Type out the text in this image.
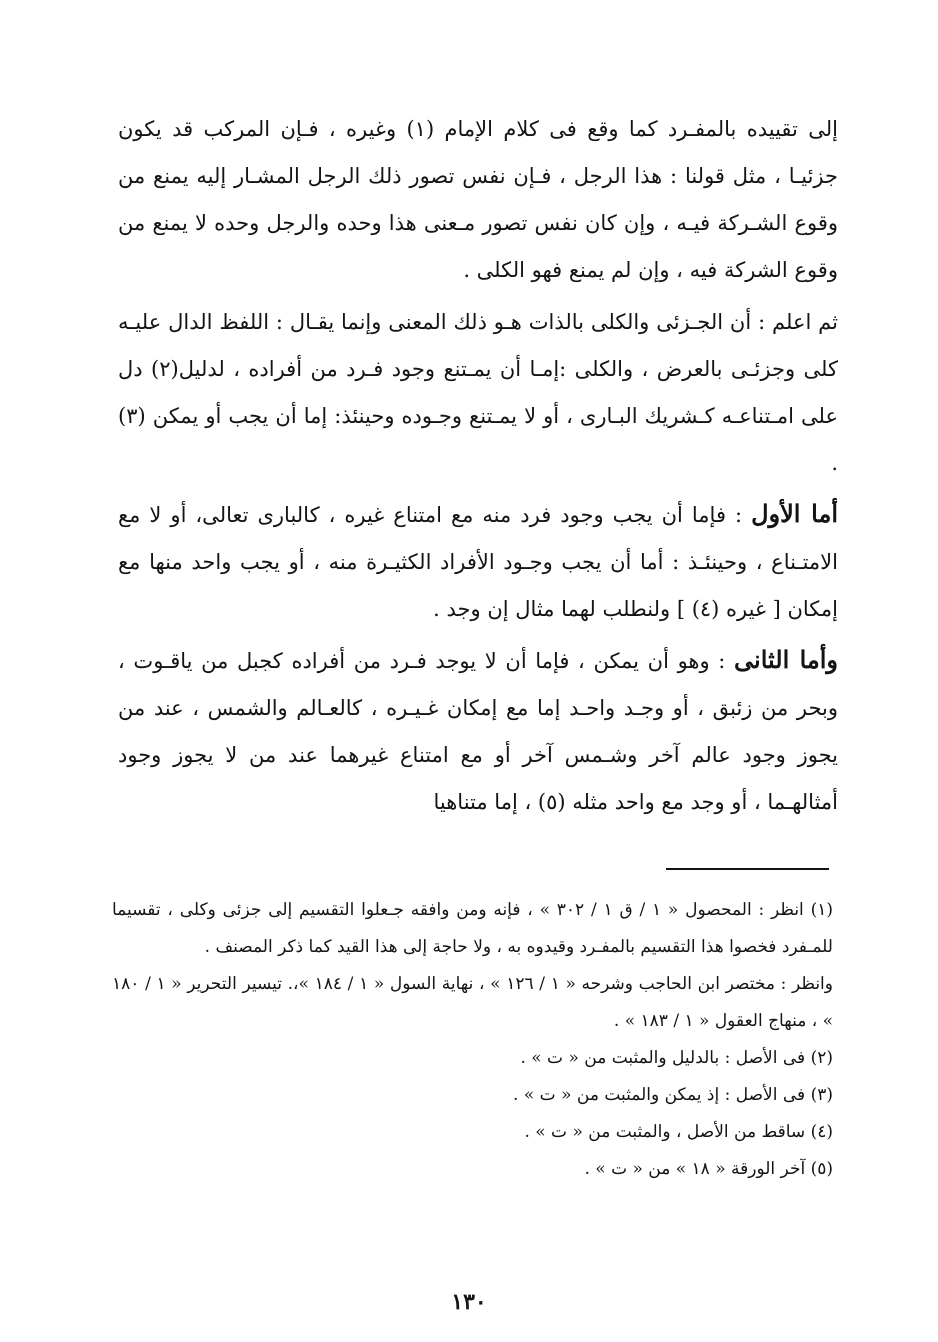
إلى تقييده بالمفـرد كما وقع فى كلام الإمام (١) وغيره ، فـإن المركب قد يكون جزئيـا ، مثل قولنا : هذا الرجل ، فـإن نفس تصور ذلك الرجل المشـار إليه يمنع من وقوع الشـركة فيـه ، وإن كان نفس تصور مـعنى هذا وحده والرجل وحده لا يمنع من وقوع الشركة فيه ، وإن لم يمنع فهو الكلى .

ثم اعلم : أن الجـزئى والكلى بالذات هـو ذلك المعنى وإنما يقـال : اللفظ الدال عليـه كلى وجزئـى بالعرض ، والكلى :إمـا أن يمـتنع وجود فـرد من أفراده ، لدليل(٢) دل على امـتناعـه كـشريك البـارى ، أو لا يمـتنع وجـوده وحينئذ: إما أن يجب أو يمكن (٣) .

أما الأول : فإما أن يجب وجود فرد منه مع امتناع غيره ، كالبارى تعالى، أو لا مع الامتـناع ، وحينئـذ : أما أن يجب وجـود الأفراد الكثيـرة منه ، أو يجب واحد منها مع إمكان [ غيره (٤) ] ولنطلب لهما مثال إن وجد .

وأما الثانى : وهو أن يمكن ، فإما أن لا يوجد فـرد من أفراده كجبل من ياقـوت ، وبحر من زئبق ، أو وجـد واحـد إما مع إمكان غـيـره ، كالعـالم والشمس ، عند من يجوز وجود عالم آخر وشـمس آخر أو مع امتناع غيرهما عند من لا يجوز وجود أمثالهـما ، أو وجد مع واحد مثله (٥) ، إما متناهيا

(١) انظر : المحصول « ١ / ق ١ / ٣٠٢ » ، فإنه ومن وافقه جـعلوا التقسيم إلى جزئى وكلى ، تقسيما للمـفرد فخصوا هذا التقسيم بالمفـرد وقيدوه به ، ولا حاجة إلى هذا القيد كما ذكر المصنف .

وانظر : مختصر ابن الحاجب وشرحه « ١ / ١٢٦ » ، نهاية السول « ١ / ١٨٤ »،. تيسير التحرير « ١ / ١٨٠ » ، منهاج العقول « ١ / ١٨٣ » .

(٢) فى الأصل : بالدليل والمثبت من « ت » .

(٣) فى الأصل : إذ يمكن والمثبت من « ت » .

(٤) ساقط من الأصل ، والمثبت من « ت » .

(٥) آخر الورقة « ١٨ » من « ت » .

١٣٠
